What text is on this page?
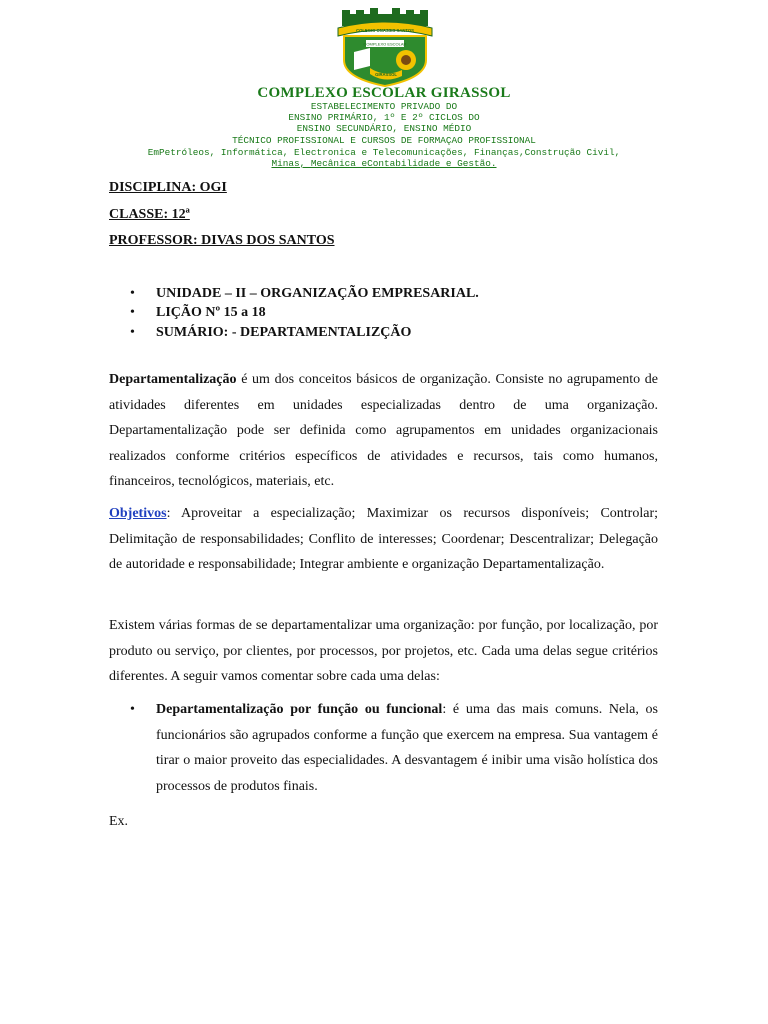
COLEGIO ONASSIS SANTOS
COMPLEXO ESCOLAR
GIRASSOL
COMPLEXO ESCOLAR GIRASSOL
ESTABELECIMENTO PRIVADO DO
ENSINO PRIMÁRIO, 1º E 2º CICLOS DO
ENSINO SECUNDÁRIO, ENSINO MÉDIO
TÉCNICO PROFISSIONAL E CURSOS DE FORMAÇAO PROFISSIONAL
EmPetróleos, Informática, Electronica e Telecomunicações, Finanças,Construção Civil,
Minas, Mecânica eContabilidade e Gestão.
DISCIPLINA: OGI
CLASSE: 12ª
PROFESSOR: DIVAS DOS SANTOS
• UNIDADE – II – ORGANIZAÇÃO EMPRESARIAL.
• LIÇÃO Nº 15 a 18
• SUMÁRIO: - DEPARTAMENTALIZÇÃO

Departamentalização é um dos conceitos básicos de organização. Consiste no agrupamento de atividades diferentes em unidades especializadas dentro de uma organização. Departamentalização pode ser definida como agrupamentos em unidades organizacionais realizados conforme critérios específicos de atividades e recursos, tais como humanos, financeiros, tecnológicos, materiais, etc.

Objetivos: Aproveitar a especialização; Maximizar os recursos disponíveis; Controlar; Delimitação de responsabilidades; Conflito de interesses; Coordenar; Descentralizar; Delegação de autoridade e responsabilidade; Integrar ambiente e organização Departamentalização.

Existem várias formas de se departamentalizar uma organização: por função, por localização, por produto ou serviço, por clientes, por processos, por projetos, etc. Cada uma delas segue critérios diferentes. A seguir vamos comentar sobre cada uma delas:

• Departamentalização por função ou funcional: é uma das mais comuns. Nela, os funcionários são agrupados conforme a função que exercem na empresa. Sua vantagem é tirar o maior proveito das especialidades. A desvantagem é inibir uma visão holística dos processos de produtos finais.

Ex.
